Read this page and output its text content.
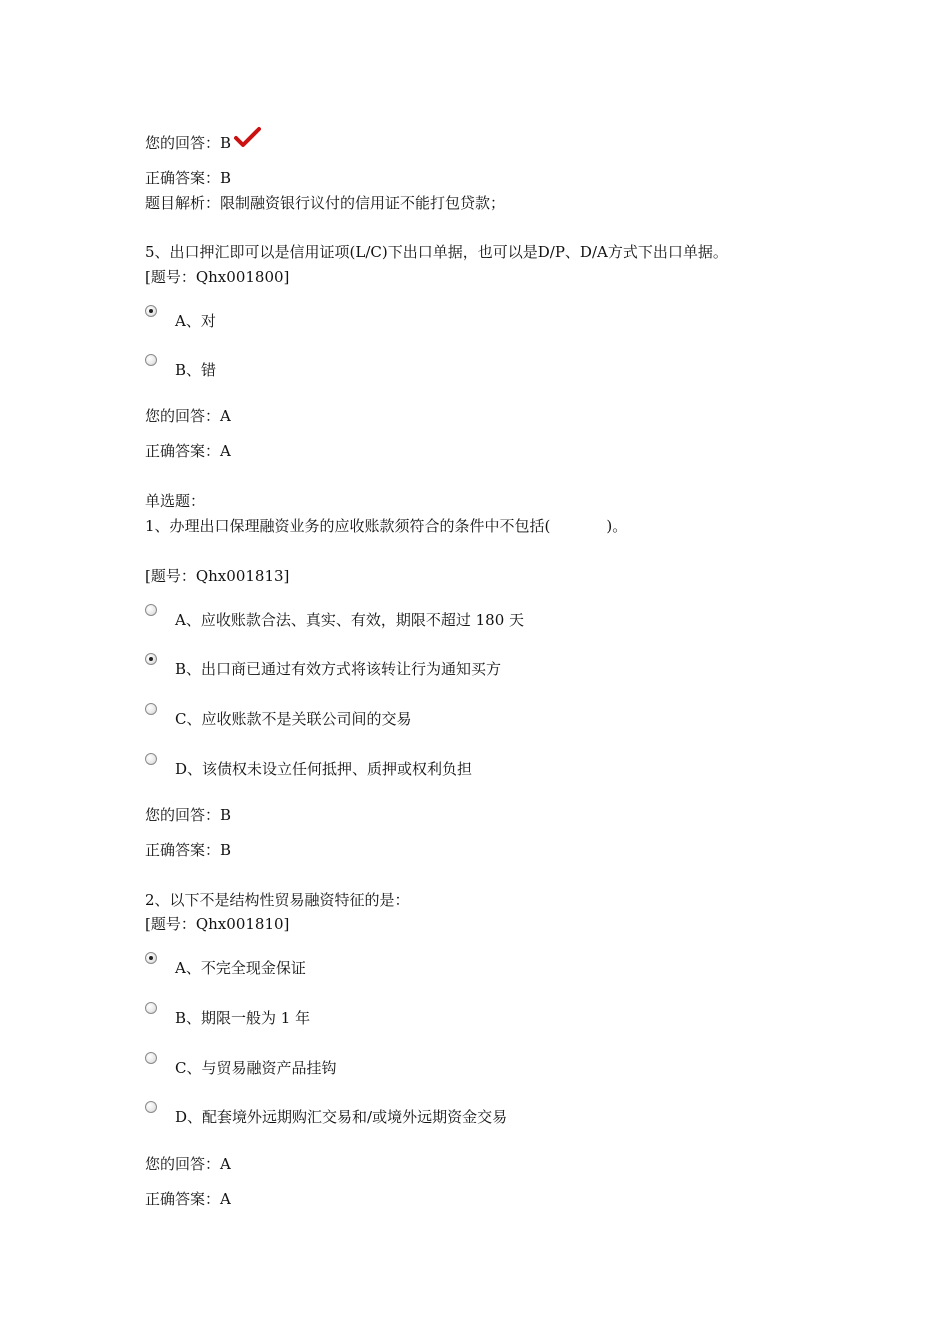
您的回答：B
正确答案：B
题目解析：限制融资银行议付的信用证不能打包贷款；
5、出口押汇即可以是信用证项(L/C)下出口单据，也可以是D/P、D/A方式下出口单据。
[题号：Qhx001800]
A、对
B、错
您的回答：A
正确答案：A
单选题：
1、办理出口保理融资业务的应收账款须符合的条件中不包括(	)。
[题号：Qhx001813]
A、应收账款合法、真实、有效，期限不超过 180 天
B、出口商已通过有效方式将该转让行为通知买方
C、应收账款不是关联公司间的交易
D、该债权未设立任何抵押、质押或权利负担
您的回答：B
正确答案：B
2、以下不是结构性贸易融资特征的是：
[题号：Qhx001810]
A、不完全现金保证
B、期限一般为 1 年
C、与贸易融资产品挂钩
D、配套境外远期购汇交易和/或境外远期资金交易
您的回答：A
正确答案：A
